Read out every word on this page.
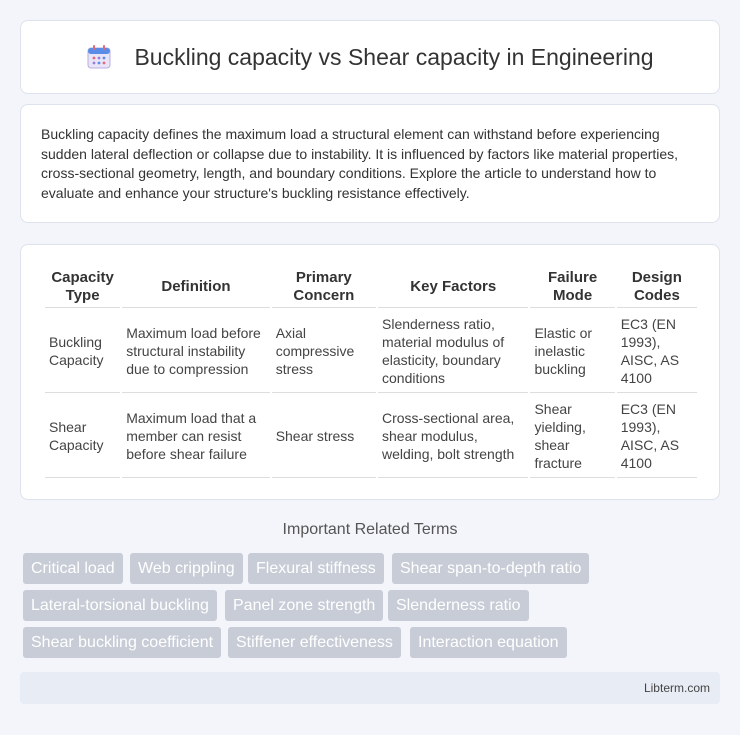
Buckling capacity vs Shear capacity in Engineering

Buckling capacity defines the maximum load a structural element can withstand before experiencing sudden lateral deflection or collapse due to instability. It is influenced by factors like material properties, cross-sectional geometry, length, and boundary conditions. Explore the article to understand how to evaluate and enhance your structure's buckling resistance effectively.

Capacity Type	Definition	Primary Concern	Key Factors	Failure Mode	Design Codes
Buckling Capacity	Maximum load before structural instability due to compression	Axial compressive stress	Slenderness ratio, material modulus of elasticity, boundary conditions	Elastic or inelastic buckling	EC3 (EN 1993), AISC, AS 4100
Shear Capacity	Maximum load that a member can resist before shear failure	Shear stress	Cross-sectional area, shear modulus, welding, bolt strength	Shear yielding, shear fracture	EC3 (EN 1993), AISC, AS 4100
Important Related Terms
Critical load	Web crippling	Flexural stiffness	Shear span-to-depth ratio
Lateral-torsional buckling	Panel zone strength	Slenderness ratio
Shear buckling coefficient	Stiffener effectiveness	Interaction equation
Libterm.com
